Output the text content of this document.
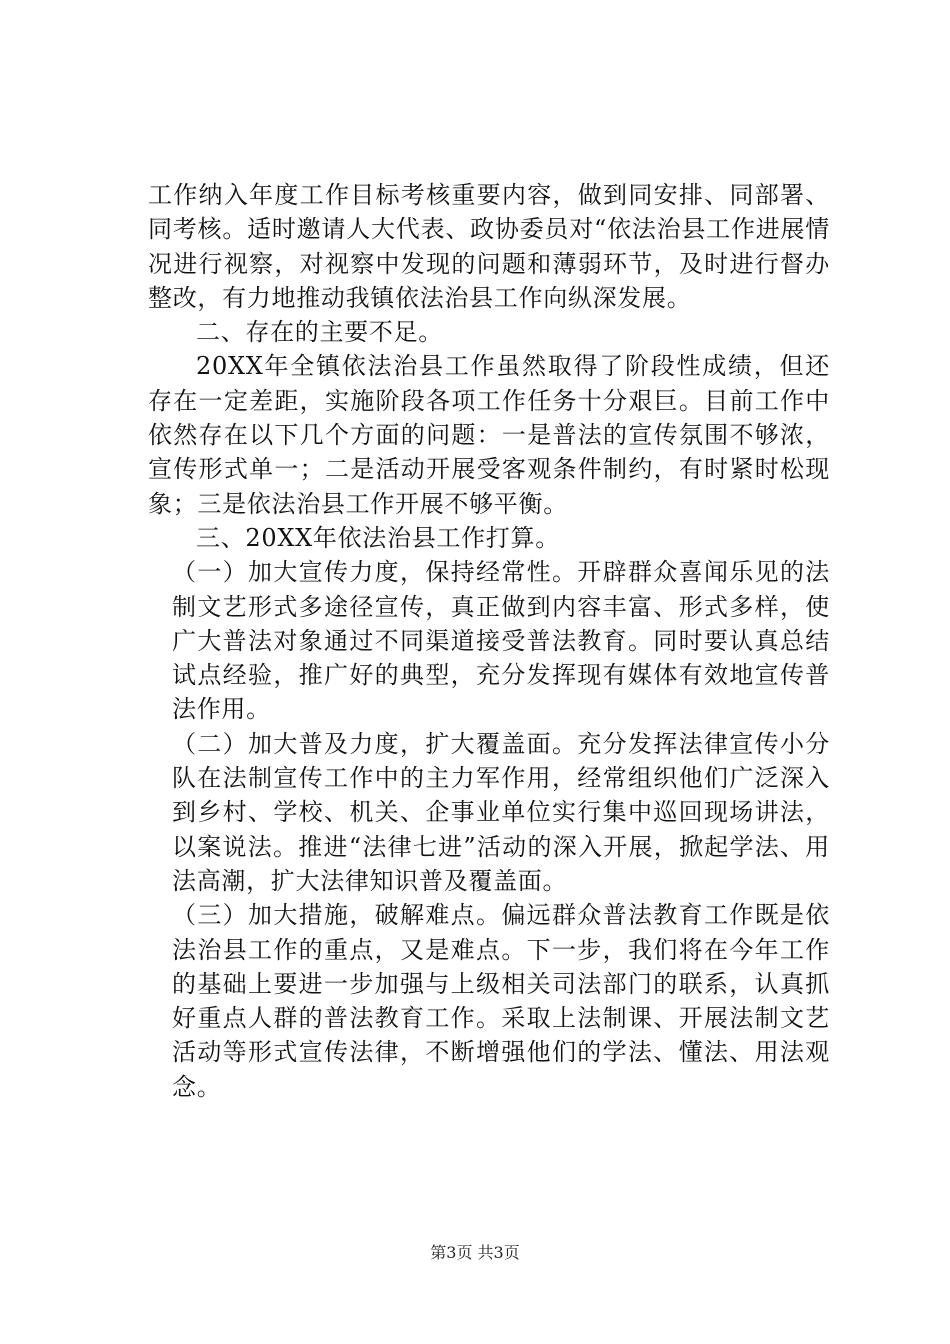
工作纳入年度工作目标考核重要内容，做到同安排、同部署、同考核。适时邀请人大代表、政协委员对“依法治县工作进展情况进行视察，对视察中发现的问题和薄弱环节，及时进行督办整改，有力地推动我镇依法治县工作向纵深发展。

二、存在的主要不足。

20XX年全镇依法治县工作虽然取得了阶段性成绩，但还存在一定差距，实施阶段各项工作任务十分艰巨。目前工作中依然存在以下几个方面的问题：一是普法的宣传氛围不够浓，宣传形式单一；二是活动开展受客观条件制约，有时紧时松现象；三是依法治县工作开展不够平衡。

三、20XX年依法治县工作打算。

（一）加大宣传力度，保持经常性。开辟群众喜闻乐见的法制文艺形式多途径宣传，真正做到内容丰富、形式多样，使广大普法对象通过不同渠道接受普法教育。同时要认真总结试点经验，推广好的典型，充分发挥现有媒体有效地宣传普法作用。

（二）加大普及力度，扩大覆盖面。充分发挥法律宣传小分队在法制宣传工作中的主力军作用，经常组织他们广泛深入到乡村、学校、机关、企事业单位实行集中巡回现场讲法，以案说法。推进“法律七进”活动的深入开展，掀起学法、用法高潮，扩大法律知识普及覆盖面。

（三）加大措施，破解难点。偏远群众普法教育工作既是依法治县工作的重点，又是难点。下一步，我们将在今年工作的基础上要进一步加强与上级相关司法部门的联系，认真抓好重点人群的普法教育工作。采取上法制课、开展法制文艺活动等形式宣传法律，不断增强他们的学法、懂法、用法观念。

第3页 共3页
